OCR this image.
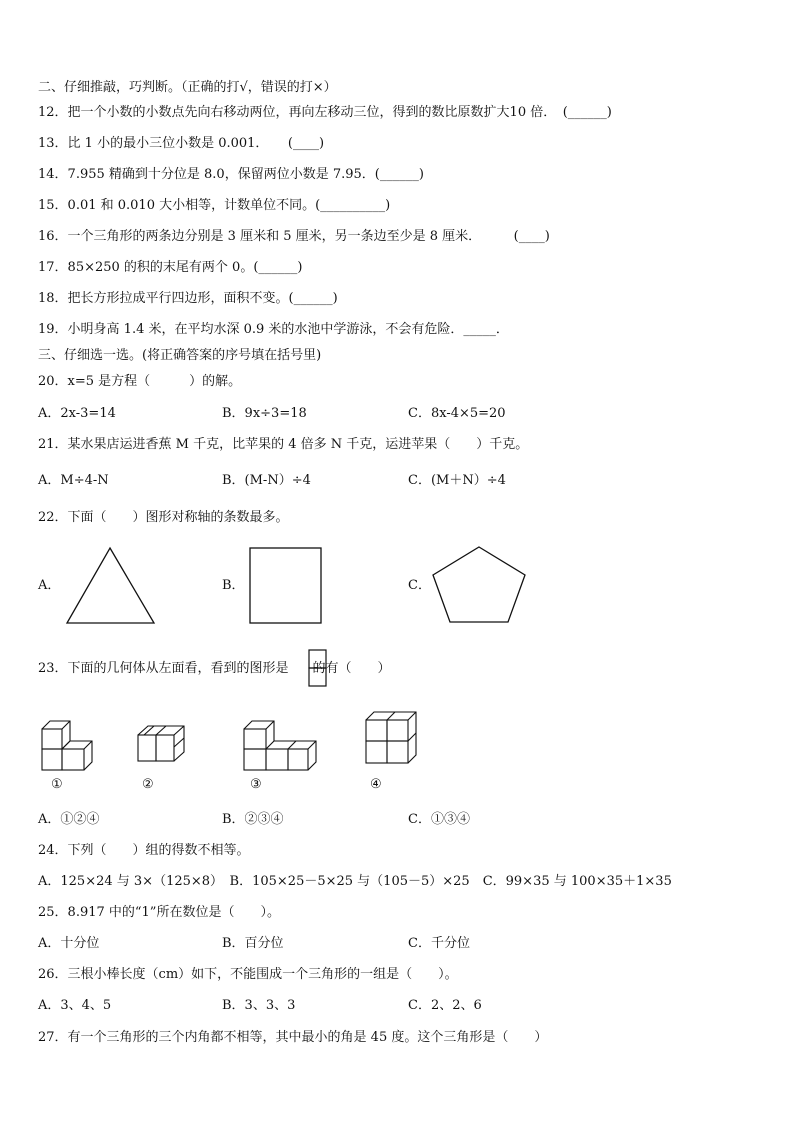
二、仔细推敲，巧判断。（正确的打√，错误的打×）
12．把一个小数的小数点先向右移动两位，再向左移动三位，得到的数比原数扩大10 倍．　(______)
13．比 1 小的最小三位小数是 0.001．　　(____)
14．7.955 精确到十分位是 8.0，保留两位小数是 7.95．(______)
15．0.01 和 0.010 大小相等，计数单位不同。(__________)
16．一个三角形的两条边分别是 3 厘米和 5 厘米，另一条边至少是 8 厘米．　　　(____)
17．85×250 的积的末尾有两个 0。(______)
18．把长方形拉成平行四边形，面积不变。(______)
19．小明身高 1.4 米，在平均水深 0.9 米的水池中学游泳，不会有危险．_____．
三、仔细选一选。(将正确答案的序号填在括号里)
20．x=5 是方程（　　　）的解。
A．2x-3=14	B．9x÷3=18	C．8x-4×5=20
21．某水果店运进香蕉 M 千克，比苹果的 4 倍多 N 千克，运进苹果（　　）千克。
A．M÷4-N	B．(M-N）÷4	C．(M＋N）÷4
22．下面（　　）图形对称轴的条数最多。
A．	B．	C．
23．下面的几何体从左面看，看到的图形是 的有（　　）
①	②	③	④
A．①②④	B．②③④	C．①③④
24．下列（　　）组的得数不相等。
A．125×24 与 3×（125×8）　B．105×25－5×25 与（105－5）×25　C．99×35 与 100×35＋1×35
25．8.917 中的“1”所在数位是（　　）。
A．十分位	B．百分位	C．千分位
26．三根小棒长度（cm）如下，不能围成一个三角形的一组是（　　）。
A．3、4、5	B．3、3、3	C．2、2、6
27．有一个三角形的三个内角都不相等，其中最小的角是 45 度。这个三角形是（　　）
